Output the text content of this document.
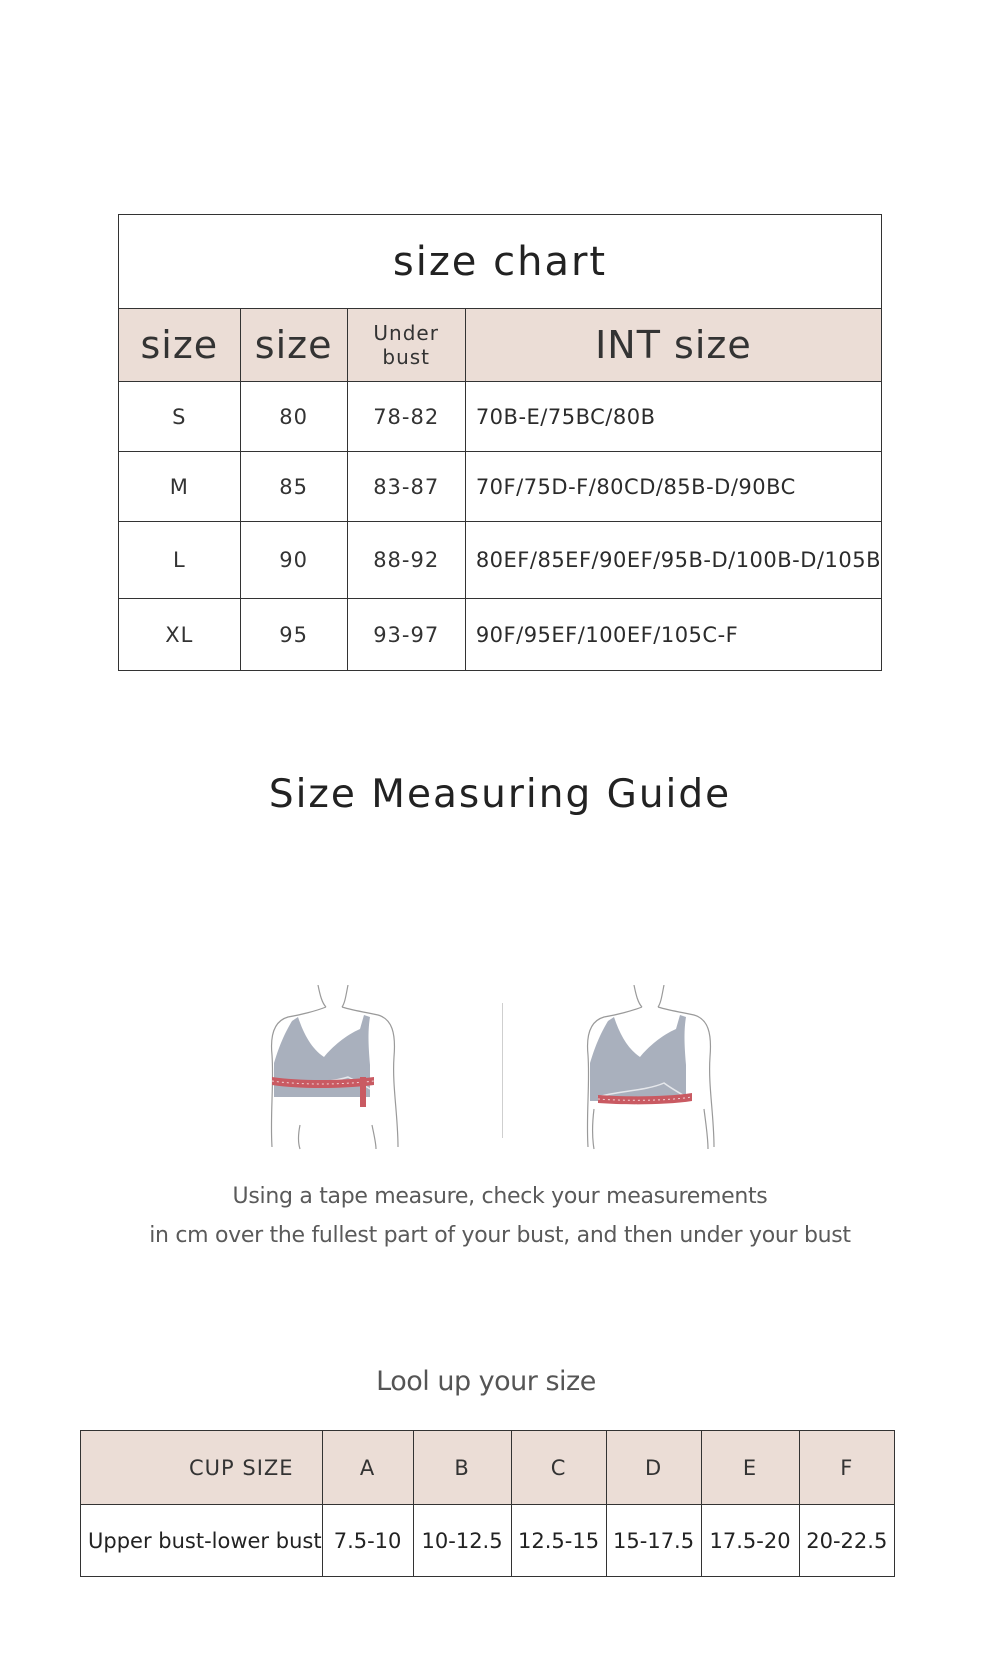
size chart			
size	size	Under bust	INT size
S	80	78-82	70B-E/75BC/80B
M	85	83-87	70F/75D-F/80CD/85B-D/90BC
L	90	88-92	80EF/85EF/90EF/95B-D/100B-D/105B
XL	95	93-97	90F/95EF/100EF/105C-F
Size Measuring Guide
Using a tape measure, check your measurements
in cm over the fullest part of your bust, and then under your bust
Lool up your size
CUP SIZE	A	B	C	D	E	F
Upper bust-lower bust	7.5-10	10-12.5	12.5-15	15-17.5	17.5-20	20-22.5
